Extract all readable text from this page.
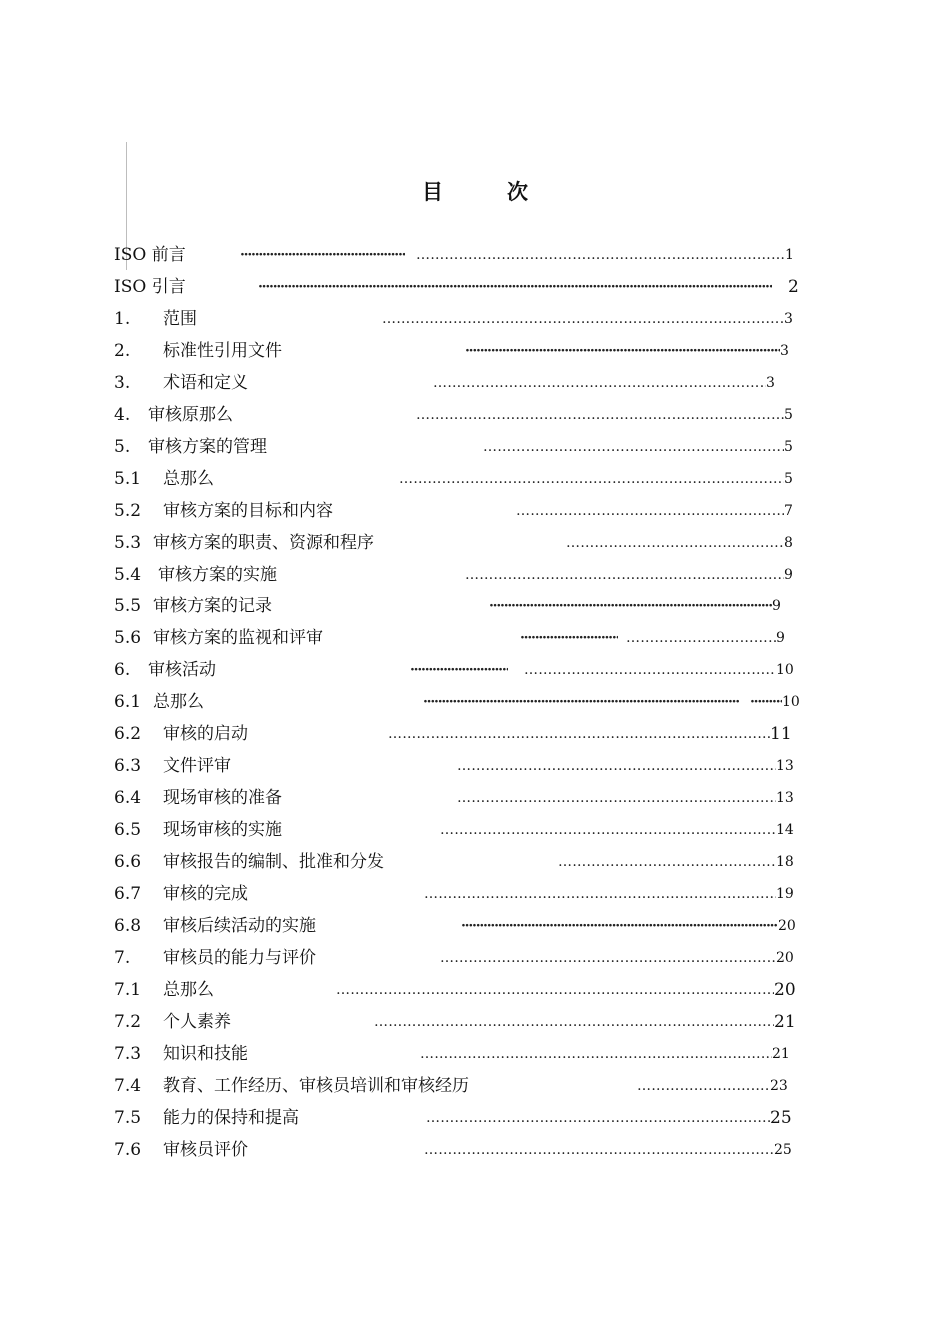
目	次
ISO 前言 ····· ……………………………………………………………………………………………………………………………………………………………………	1
ISO 引言 ·····	2
1. 范围 ……………………………………………………………………………………………………………………………………………………………………	3
2. 标准性引用文件 ·····	3
3. 术语和定义 ……………………………………………………………………………………………………………………………………………………………………	3
4. 审核原那么 ……………………………………………………………………………………………………………………………………………………………………	5
5. 审核方案的管理 ……………………………………………………………………………………………………………………………………………………………………	5
5.1 总那么 ……………………………………………………………………………………………………………………………………………………………………	5
5.2 审核方案的目标和内容 ……………………………………………………………………………………………………………………………………………………………………	7
5.3 审核方案的职责、资源和程序 ……………………………………………………………………………………………………………………………………………………………………	8
5.4 审核方案的实施 ……………………………………………………………………………………………………………………………………………………………………	9
5.5 审核方案的记录 ·····	9
5.6 审核方案的监视和评审 ····· ……………………………………………………………………………………………………………………………………………………………………	9
6. 审核活动 ····· ……………………………………………………………………………………………………………………………………………………………………	10
6.1 总那么 ····· ·····	10
6.2 审核的启动 ……………………………………………………………………………………………………………………………………………………………………	11
6.3 文件评审 ……………………………………………………………………………………………………………………………………………………………………	13
6.4 现场审核的准备 ……………………………………………………………………………………………………………………………………………………………………	13
6.5 现场审核的实施 ……………………………………………………………………………………………………………………………………………………………………	14
6.6 审核报告的编制、批准和分发 ……………………………………………………………………………………………………………………………………………………………………	18
6.7 审核的完成 ……………………………………………………………………………………………………………………………………………………………………	19
6.8 审核后续活动的实施 ·····	20
7. 审核员的能力与评价 ……………………………………………………………………………………………………………………………………………………………………	20
7.1 总那么 ……………………………………………………………………………………………………………………………………………………………………	20
7.2 个人素养 ……………………………………………………………………………………………………………………………………………………………………	21
7.3 知识和技能 ……………………………………………………………………………………………………………………………………………………………………	21
7.4 教育、工作经历、审核员培训和审核经历 ……………………………………………………………………………………………………………………………………………………………………	23
7.5 能力的保持和提高 ……………………………………………………………………………………………………………………………………………………………………	25
7.6 审核员评价 ……………………………………………………………………………………………………………………………………………………………………	25
